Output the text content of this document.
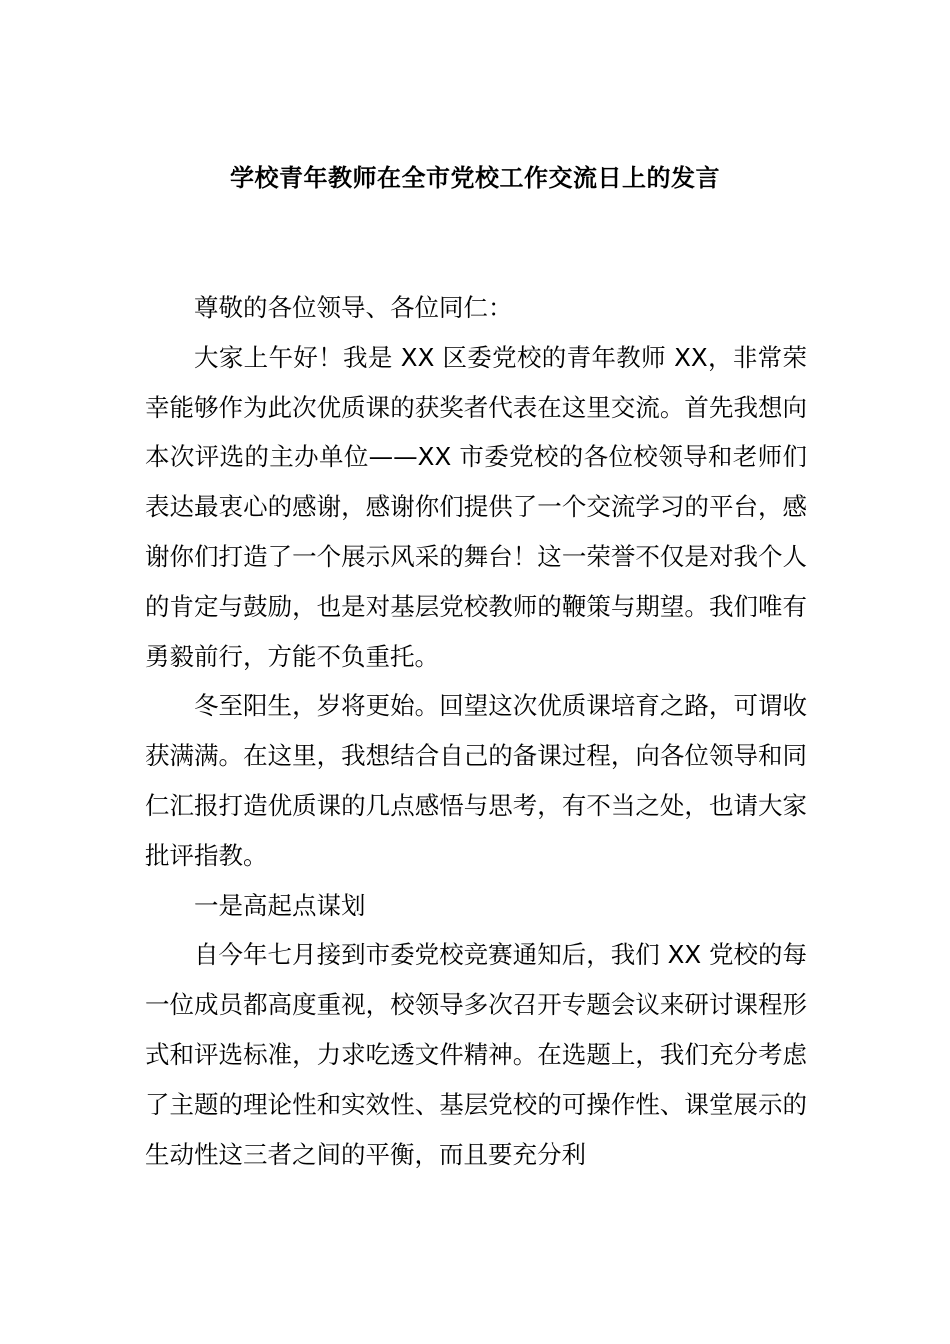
学校青年教师在全市党校工作交流日上的发言

尊敬的各位领导、各位同仁：

大家上午好！我是 XX 区委党校的青年教师 XX，非常荣幸能够作为此次优质课的获奖者代表在这里交流。首先我想向本次评选的主办单位——XX 市委党校的各位校领导和老师们表达最衷心的感谢，感谢你们提供了一个交流学习的平台，感谢你们打造了一个展示风采的舞台！这一荣誉不仅是对我个人的肯定与鼓励，也是对基层党校教师的鞭策与期望。我们唯有勇毅前行，方能不负重托。

冬至阳生，岁将更始。回望这次优质课培育之路，可谓收获满满。在这里，我想结合自己的备课过程，向各位领导和同仁汇报打造优质课的几点感悟与思考，有不当之处，也请大家批评指教。

一是高起点谋划

自今年七月接到市委党校竞赛通知后，我们 XX 党校的每一位成员都高度重视，校领导多次召开专题会议来研讨课程形式和评选标准，力求吃透文件精神。在选题上，我们充分考虑了主题的理论性和实效性、基层党校的可操作性、课堂展示的生动性这三者之间的平衡，而且要充分利
